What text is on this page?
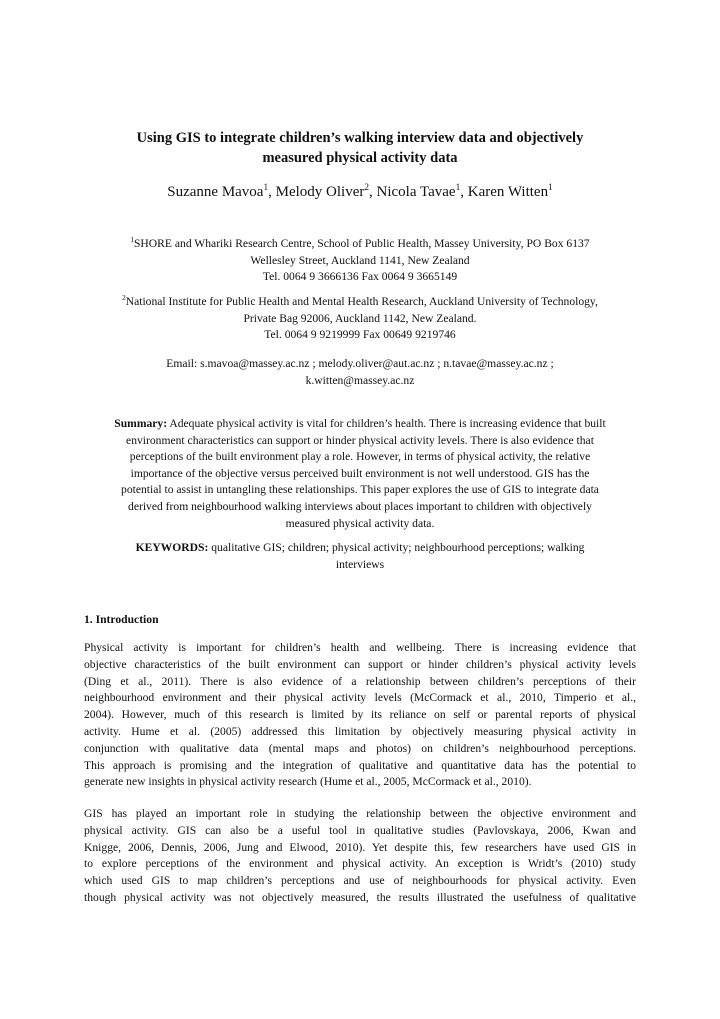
Using GIS to integrate children’s walking interview data and objectively
measured physical activity data
Suzanne Mavoa$^1$, Melody Oliver$^2$, Nicola Tavae$^1$, Karen Witten$^1$
$^1$SHORE and Whariki Research Centre, School of Public Health, Massey University, PO Box 6137
Wellesley Street, Auckland 1141, New Zealand
Tel. 0064 9 3666136 Fax 0064 9 3665149
$^2$National Institute for Public Health and Mental Health Research, Auckland University of Technology,
Private Bag 92006, Auckland 1142, New Zealand.
Tel. 0064 9 9219999 Fax 00649 9219746
Email: s.mavoa@massey.ac.nz ; melody.oliver@aut.ac.nz ; n.tavae@massey.ac.nz ;
k.witten@massey.ac.nz
Summary: Adequate physical activity is vital for children’s health. There is increasing evidence that built
environment characteristics can support or hinder physical activity levels. There is also evidence that
perceptions of the built environment play a role. However, in terms of physical activity, the relative
importance of the objective versus perceived built environment is not well understood. GIS has the
potential to assist in untangling these relationships. This paper explores the use of GIS to integrate data
derived from neighbourhood walking interviews about places important to children with objectively
measured physical activity data.
KEYWORDS: qualitative GIS; children; physical activity; neighbourhood perceptions; walking
interviews
1. Introduction
Physical activity is important for children’s health and wellbeing. There is increasing evidence that
objective characteristics of the built environment can support or hinder children’s physical activity levels
(Ding et al., 2011). There is also evidence of a relationship between children’s perceptions of their
neighbourhood environment and their physical activity levels (McCormack et al., 2010, Timperio et al.,
2004). However, much of this research is limited by its reliance on self or parental reports of physical
activity. Hume et al. (2005) addressed this limitation by objectively measuring physical activity in
conjunction with qualitative data (mental maps and photos) on children’s neighbourhood perceptions.
This approach is promising and the integration of qualitative and quantitative data has the potential to
generate new insights in physical activity research (Hume et al., 2005, McCormack et al., 2010).
GIS has played an important role in studying the relationship between the objective environment and
physical activity. GIS can also be a useful tool in qualitative studies (Pavlovskaya, 2006, Kwan and
Knigge, 2006, Dennis, 2006, Jung and Elwood, 2010). Yet despite this, few researchers have used GIS in
to explore perceptions of the environment and physical activity. An exception is Wridt’s (2010) study
which used GIS to map children’s perceptions and use of neighbourhoods for physical activity. Even
though physical activity was not objectively measured, the results illustrated the usefulness of qualitative
